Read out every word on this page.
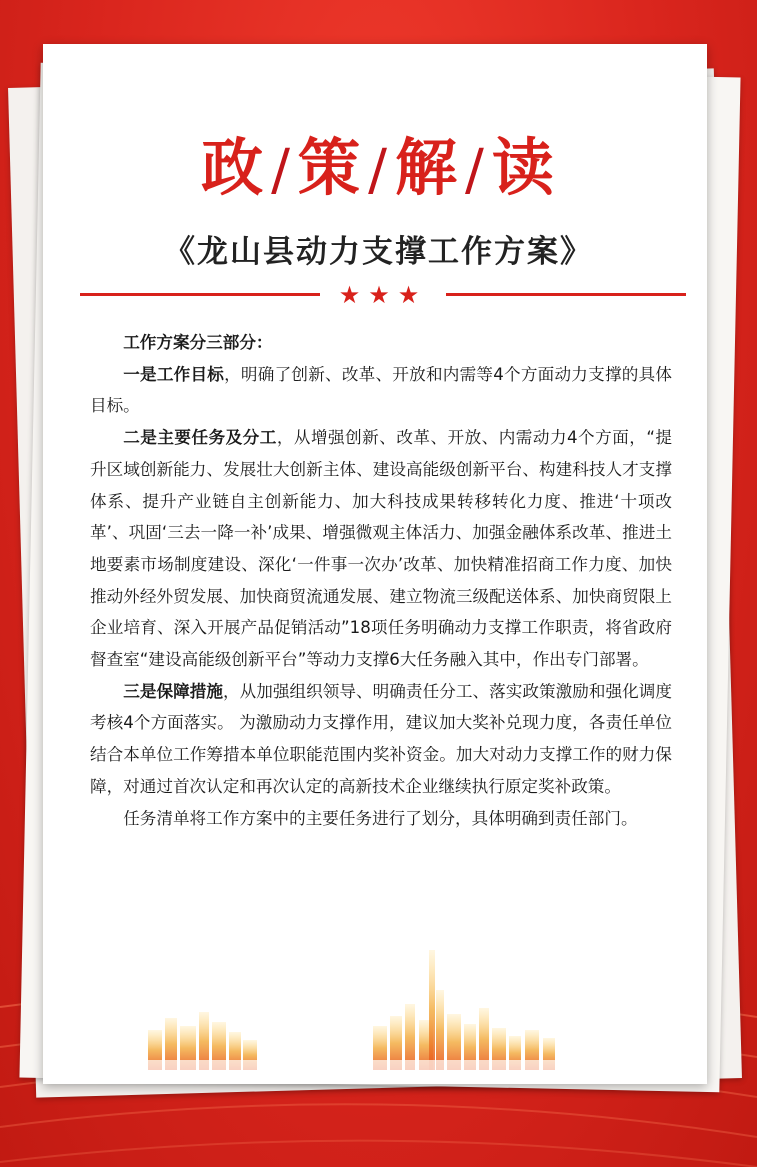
政 /策 /解 /读
《龙山县动力支撑工作方案》
★★★

工作方案分三部分：

一是工作目标，明确了创新、改革、开放和内需等4个方面动力支撑的具体目标。

二是主要任务及分工，从增强创新、改革、开放、内需动力4个方面，“提升区域创新能力、发展壮大创新主体、建设高能级创新平台、构建科技人才支撑体系、提升产业链自主创新能力、加大科技成果转移转化力度、推进‘十项改革’、巩固‘三去一降一补’成果、增强微观主体活力、加强金融体系改革、推进土地要素市场制度建设、深化‘一件事一次办’改革、加快精准招商工作力度、加快推动外经外贸发展、加快商贸流通发展、建立物流三级配送体系、加快商贸限上企业培育、深入开展产品促销活动”18项任务明确动力支撑工作职责，将省政府督查室“建设高能级创新平台”等动力支撑6大任务融入其中，作出专门部署。

三是保障措施，从加强组织领导、明确责任分工、落实政策激励和强化调度考核4个方面落实。 为激励动力支撑作用，建议加大奖补兑现力度，各责任单位结合本单位工作筹措本单位职能范围内奖补资金。加大对动力支撑工作的财力保障，对通过首次认定和再次认定的高新技术企业继续执行原定奖补政策。

任务清单将工作方案中的主要任务进行了划分，具体明确到责任部门。
